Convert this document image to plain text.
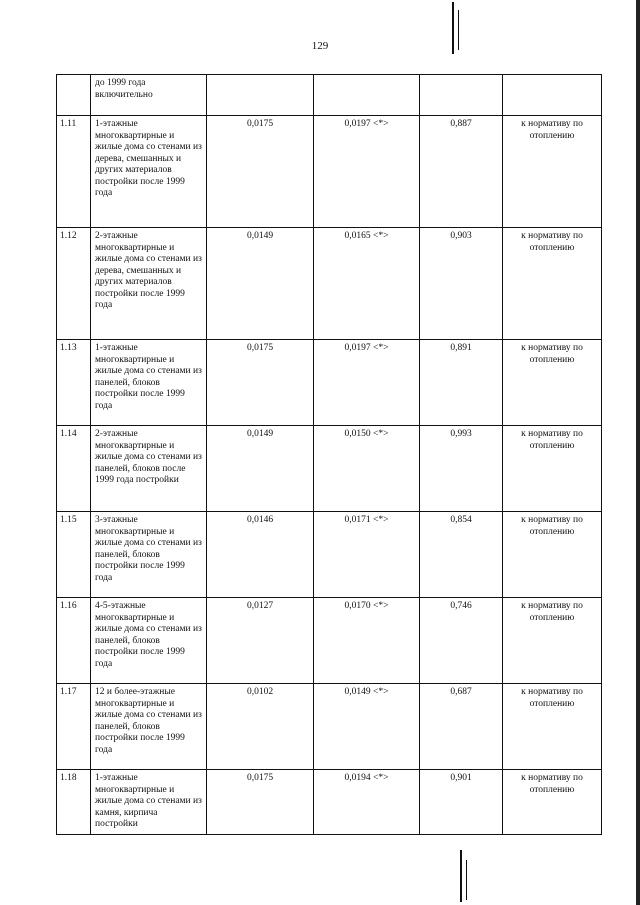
129
	до 1999 года включительно				
1.11	1-этажные многоквартирные и жилые дома со стенами из дерева, смешанных и других материалов постройки после 1999 года	0,0175	0,0197 <*>	0,887	к нормативу по отоплению
1.12	2-этажные многоквартирные и жилые дома со стенами из дерева, смешанных и других материалов постройки после 1999 года	0,0149	0,0165 <*>	0,903	к нормативу по отоплению
1.13	1-этажные многоквартирные и жилые дома со стенами из панелей, блоков постройки после 1999 года	0,0175	0,0197 <*>	0,891	к нормативу по отоплению
1.14	2-этажные многоквартирные и жилые дома со стенами из панелей, блоков после 1999 года постройки	0,0149	0,0150 <*>	0,993	к нормативу по отоплению
1.15	3-этажные многоквартирные и жилые дома со стенами из панелей, блоков постройки после 1999 года	0,0146	0,0171 <*>	0,854	к нормативу по отоплению
1.16	4-5-этажные многоквартирные и жилые дома со стенами из панелей, блоков постройки после 1999 года	0,0127	0,0170 <*>	0,746	к нормативу по отоплению
1.17	12 и более-этажные многоквартирные и жилые дома со стенами из панелей, блоков постройки после 1999 года	0,0102	0,0149 <*>	0,687	к нормативу по отоплению
1.18	1-этажные многоквартирные и жилые дома со стенами из камня, кирпича постройки	0,0175	0,0194 <*>	0,901	к нормативу по отоплению
